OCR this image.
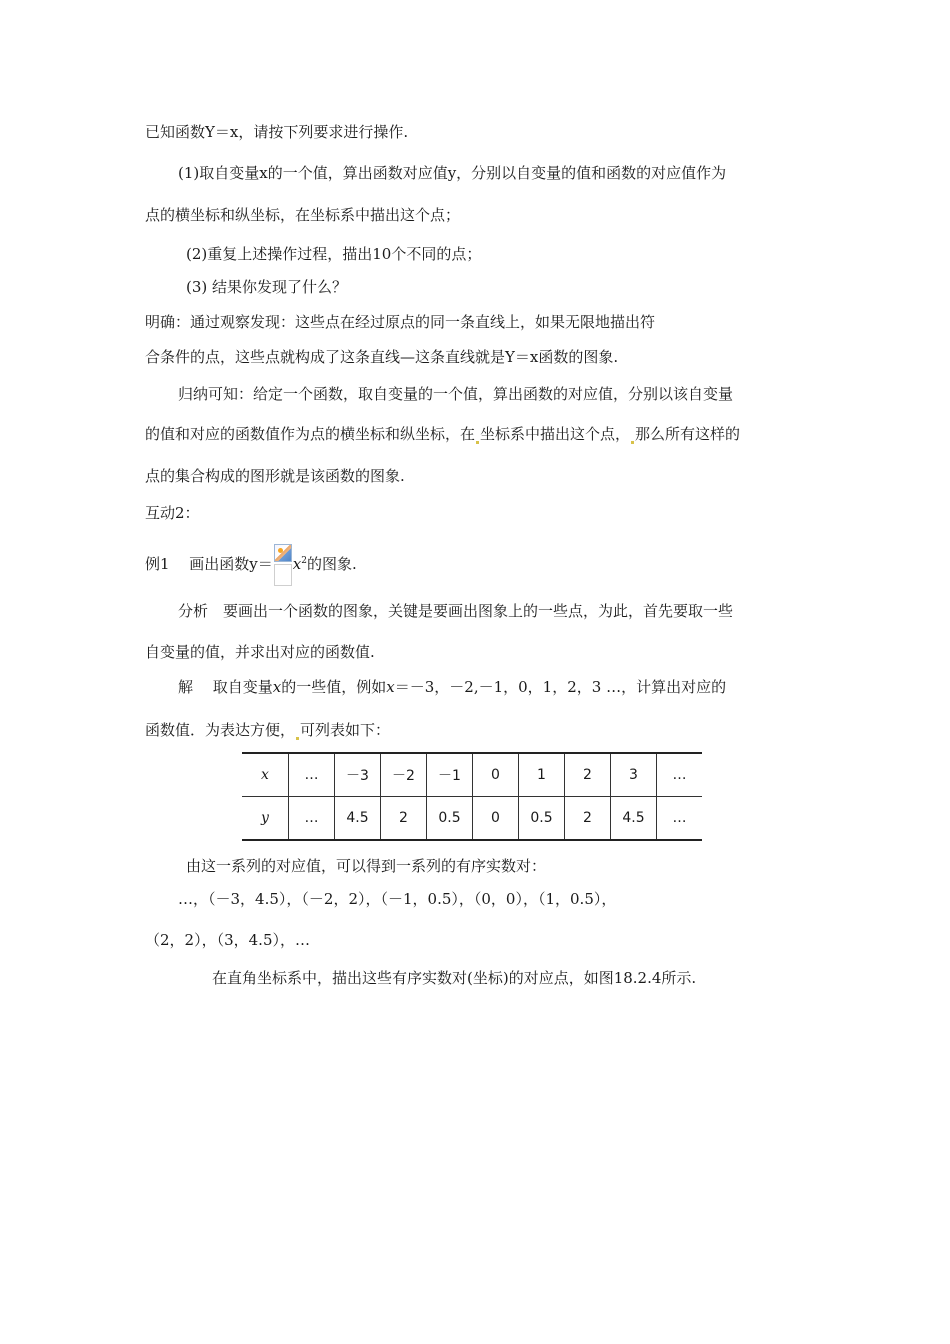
已知函数Y＝x，请按下列要求进行操作.
(1)取自变量x的一个值，算出函数对应值y，分别以自变量的值和函数的对应值作为
点的横坐标和纵坐标，在坐标系中描出这个点；
(2)重复上述操作过程，描出10个不同的点；
(3) 结果你发现了什么？
明确：通过观察发现：这些点在经过原点的同一条直线上，如果无限地描出符
合条件的点，这些点就构成了这条直线—这条直线就是Y＝x函数的图象.
归纳可知：给定一个函数，取自变量的一个值，算出函数的对应值，分别以该自变量
的值和对应的函数值作为点的横坐标和纵坐标，在 坐标系中描出这个点， 那么所有这样的
点的集合构成的图形就是该函数的图象.
互动2：
例1　 画出函数$y= x^2$的图象.
分析　要画出一个函数的图象，关键是要画出图象上的一些点，为此，首先要取一些
自变量的值，并求出对应的函数值.
解　 取自变量x的一些值，例如x＝－3，－2,－1，0，1，2，3 …，计算出对应的
函数值．为表达方便， 可列表如下：
x	…	－3	－2	－1	0	1	2	3	…
y	…	4.5	2	0.5	0	0.5	2	4.5	…
由这一系列的对应值，可以得到一系列的有序实数对：
…，（－3，4.5），（－2，2），（－1，0.5），（0，0），（1，0.5），
（2，2），（3，4.5），…
在直角坐标系中，描出这些有序实数对(坐标)的对应点，如图18.2.4所示.
